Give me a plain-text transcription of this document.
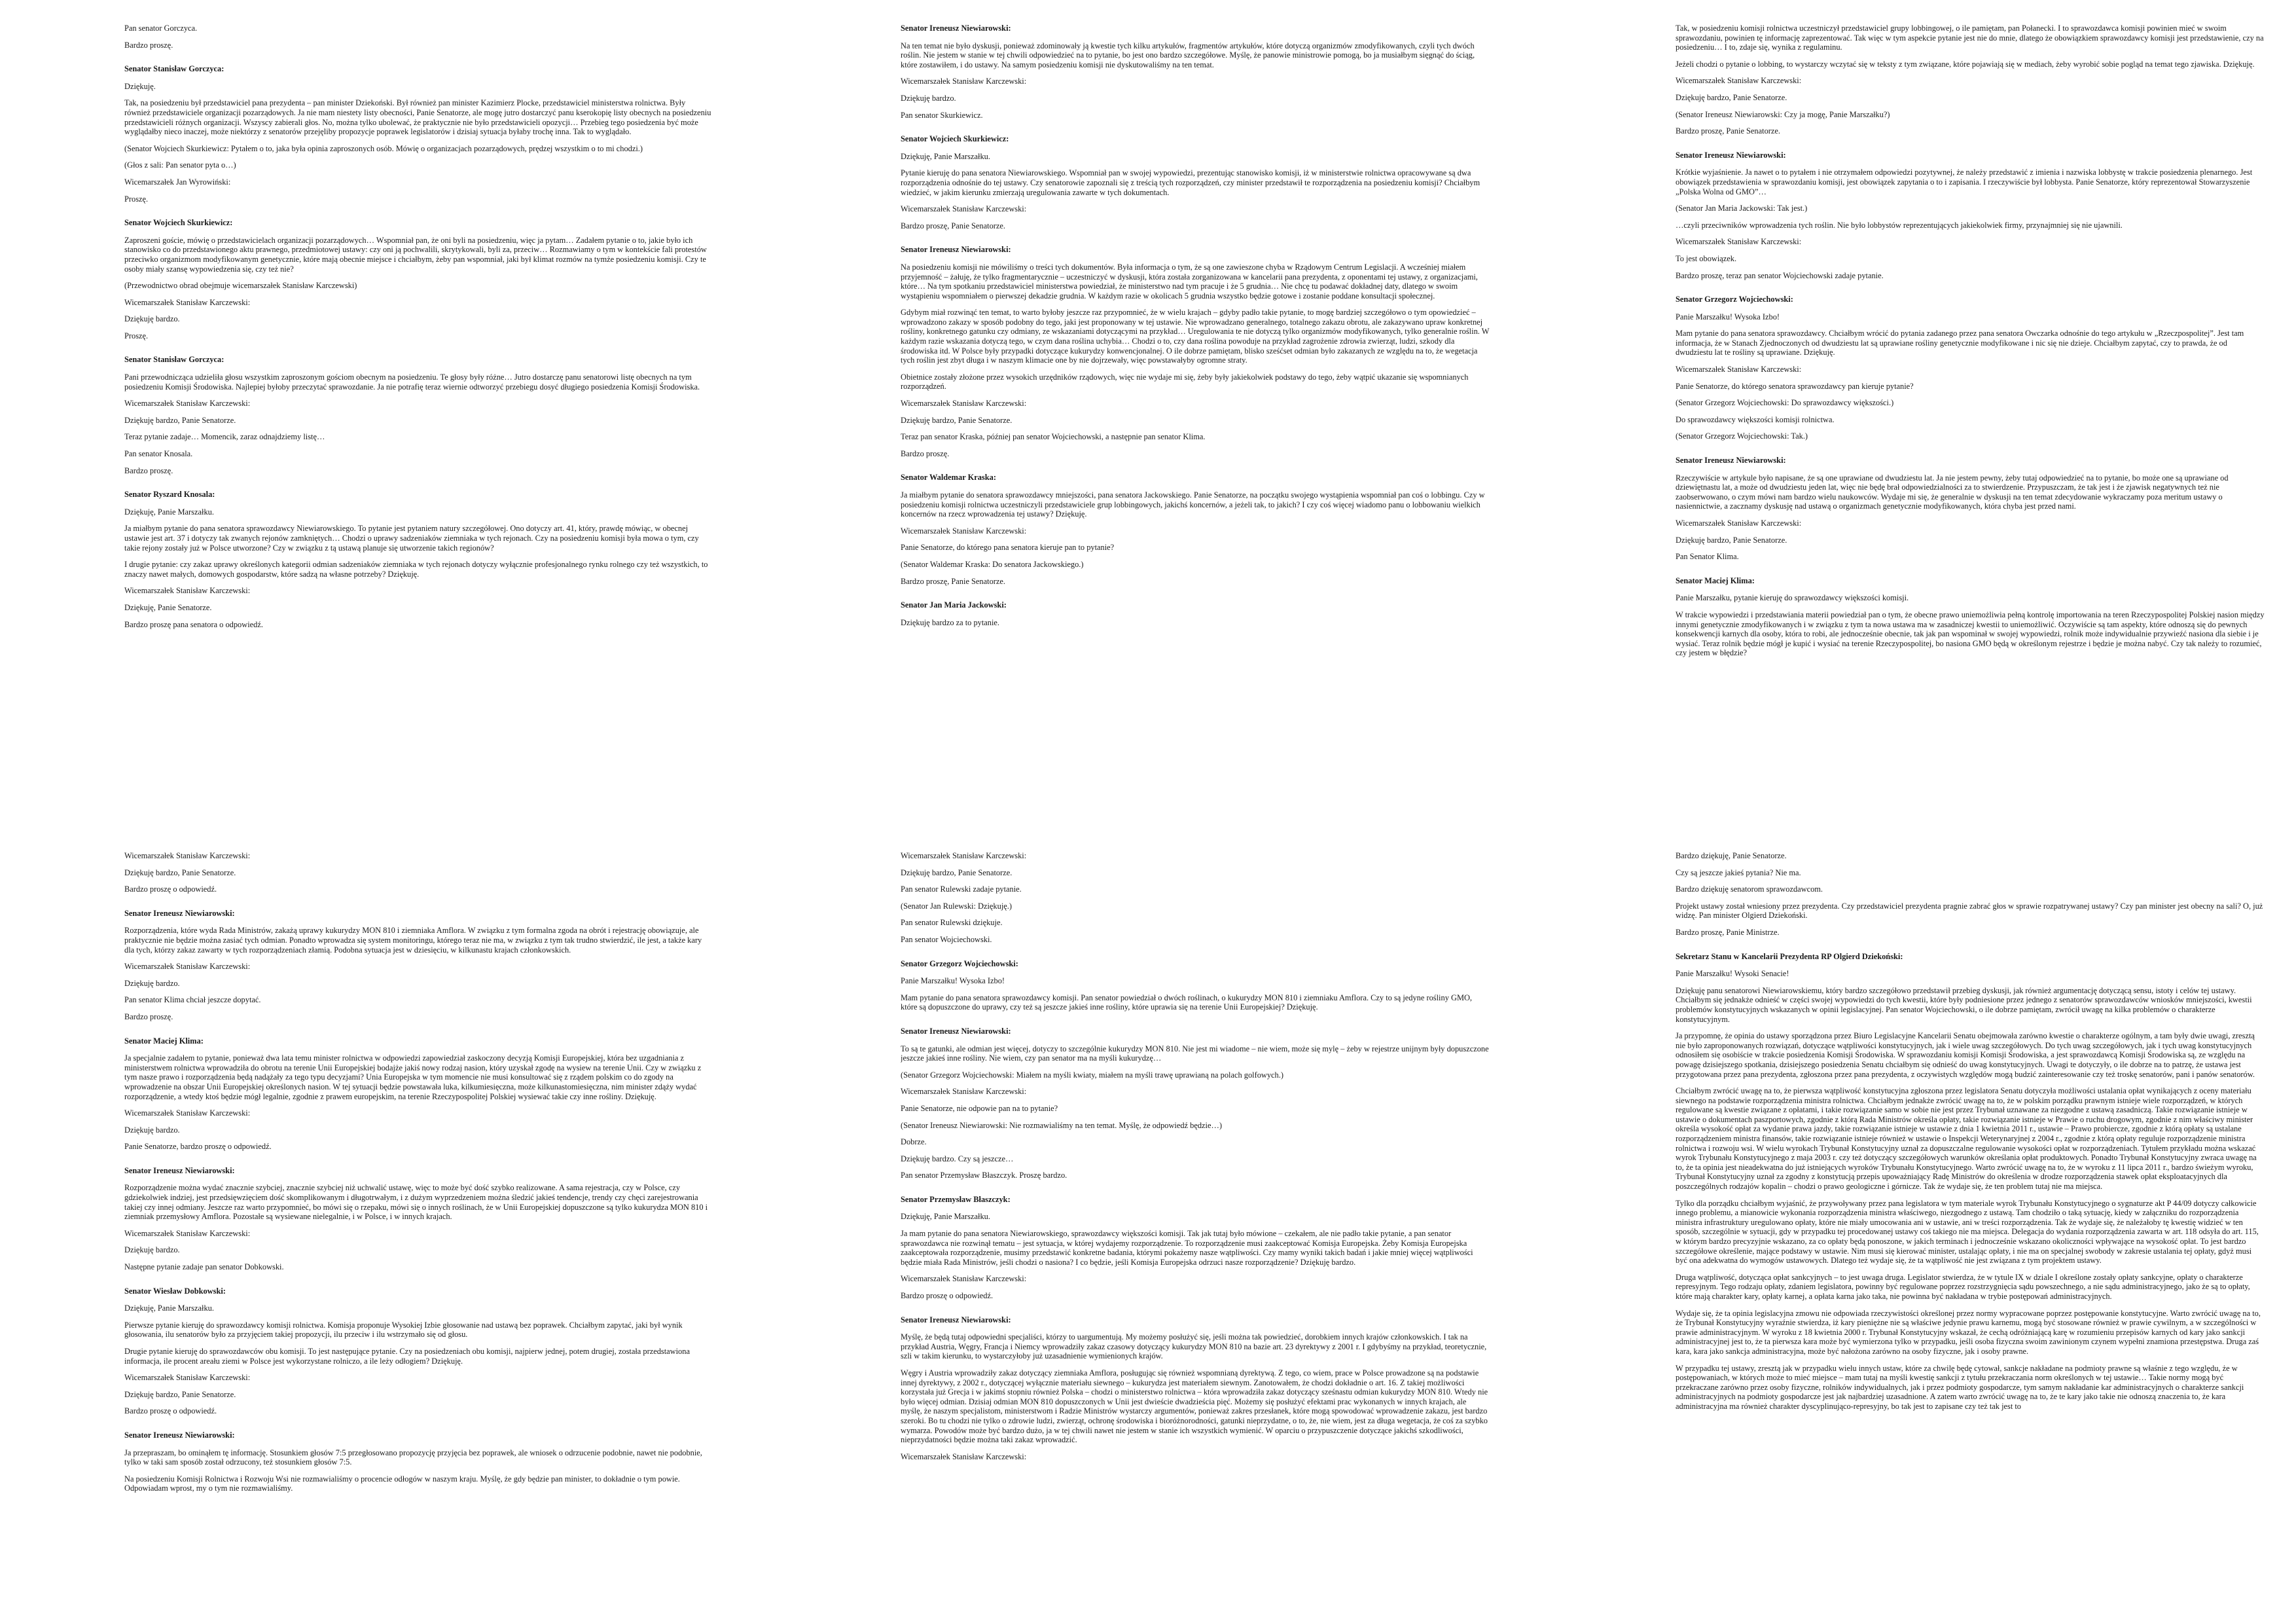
Pan senator Gorczyca.

Bardzo proszę.

Senator Stanisław Gorczyca:

Dziękuję.

Tak, na posiedzeniu był przedstawiciel pana prezydenta – pan minister Dziekoński. Był również pan minister Kazimierz Plocke, przedstawiciel ministerstwa rolnictwa. Były również przedstawiciele organizacji pozarządowych. Ja nie mam niestety listy obecności, Panie Senatorze, ale mogę jutro dostarczyć panu kserokopię listy obecnych na posiedzeniu przedstawicieli różnych organizacji. Wszyscy zabierali głos. No, można tylko ubolewać, że praktycznie nie było przedstawicieli opozycji… Przebieg tego posiedzenia być może wyglądałby nieco inaczej, może niektórzy z senatorów przejęliby propozycje poprawek legislatorów i dzisiaj sytuacja byłaby trochę inna. Tak to wyglądało.

(Senator Wojciech Skurkiewicz: Pytałem o to, jaka była opinia zaproszonych osób. Mówię o organizacjach pozarządowych, prędzej wszystkim o to mi chodzi.)

(Głos z sali: Pan senator pyta o…)

Wicemarszałek Jan Wyrowiński:

Proszę.

Senator Wojciech Skurkiewicz:

Zaproszeni goście, mówię o przedstawicielach organizacji pozarządowych… Wspomniał pan, że oni byli na posiedzeniu, więc ja pytam… Zadałem pytanie o to, jakie było ich stanowisko co do przedstawionego aktu prawnego, przedmiotowej ustawy: czy oni ją pochwalili, skrytykowali, byli za, przeciw… Rozmawiamy o tym w kontekście fali protestów przeciwko organizmom modyfikowanym genetycznie, które mają obecnie miejsce i chciałbym, żeby pan wspomniał, jaki był klimat rozmów na tymże posiedzeniu komisji. Czy te osoby miały szansę wypowiedzenia się, czy też nie?

(Przewodnictwo obrad obejmuje wicemarszałek Stanisław Karczewski)

Wicemarszałek Stanisław Karczewski:

Dziękuję bardzo.

Proszę.

Senator Stanisław Gorczyca:

Pani przewodnicząca udzieliła głosu wszystkim zaproszonym gościom obecnym na posiedzeniu. Te głosy były różne… Jutro dostarczę panu senatorowi listę obecnych na tym posiedzeniu Komisji Środowiska. Najlepiej byłoby przeczytać sprawozdanie. Ja nie potrafię teraz wiernie odtworzyć przebiegu dosyć długiego posiedzenia Komisji Środowiska.

Wicemarszałek Stanisław Karczewski:

Dziękuję bardzo, Panie Senatorze.

Teraz pytanie zadaje… Momencik, zaraz odnajdziemy listę…

Pan senator Knosala.

Bardzo proszę.

Senator Ryszard Knosala:

Dziękuję, Panie Marszałku.

Ja miałbym pytanie do pana senatora sprawozdawcy Niewiarowskiego. To pytanie jest pytaniem natury szczegółowej. Ono dotyczy art. 41, który, prawdę mówiąc, w obecnej ustawie jest art. 37 i dotyczy tak zwanych rejonów zamkniętych… Chodzi o uprawy sadzeniaków ziemniaka w tych rejonach. Czy na posiedzeniu komisji była mowa o tym, czy takie rejony zostały już w Polsce utworzone? Czy w związku z tą ustawą planuje się utworzenie takich regionów?

I drugie pytanie: czy zakaz uprawy określonych kategorii odmian sadzeniaków ziemniaka w tych rejonach dotyczy wyłącznie profesjonalnego rynku rolnego czy też wszystkich, to znaczy nawet małych, domowych gospodarstw, które sadzą na własne potrzeby? Dziękuję.

Wicemarszałek Stanisław Karczewski:

Dziękuję, Panie Senatorze.

Bardzo proszę pana senatora o odpowiedź.

Senator Ireneusz Niewiarowski:

Na ten temat nie było dyskusji, ponieważ zdominowały ją kwestie tych kilku artykułów, fragmentów artykułów, które dotyczą organizmów zmodyfikowanych, czyli tych dwóch roślin. Nie jestem w stanie w tej chwili odpowiedzieć na to pytanie, bo jest ono bardzo szczegółowe. Myślę, że panowie ministrowie pomogą, bo ja musiałbym sięgnąć do ściąg, które zostawiłem, i do ustawy. Na samym posiedzeniu komisji nie dyskutowaliśmy na ten temat.

Wicemarszałek Stanisław Karczewski:

Dziękuję bardzo.

Pan senator Skurkiewicz.

Senator Wojciech Skurkiewicz:

Dziękuję, Panie Marszałku.

Pytanie kieruję do pana senatora Niewiarowskiego. Wspomniał pan w swojej wypowiedzi, prezentując stanowisko komisji, iż w ministerstwie rolnictwa opracowywane są dwa rozporządzenia odnośnie do tej ustawy. Czy senatorowie zapoznali się z treścią tych rozporządzeń, czy minister przedstawił te rozporządzenia na posiedzeniu komisji? Chciałbym wiedzieć, w jakim kierunku zmierzają uregulowania zawarte w tych dokumentach.

Wicemarszałek Stanisław Karczewski:

Bardzo proszę, Panie Senatorze.

Senator Ireneusz Niewiarowski:

Na posiedzeniu komisji nie mówiliśmy o treści tych dokumentów. Była informacja o tym, że są one zawieszone chyba w Rządowym Centrum Legislacji. A wcześniej miałem przyjemność – żałuję, że tylko fragmentarycznie – uczestniczyć w dyskusji, która została zorganizowana w kancelarii pana prezydenta, z oponentami tej ustawy, z organizacjami, które… Na tym spotkaniu przedstawiciel ministerstwa powiedział, że ministerstwo nad tym pracuje i że 5 grudnia… Nie chcę tu podawać dokładnej daty, dlatego w swoim wystąpieniu wspomniałem o pierwszej dekadzie grudnia. W każdym razie w okolicach 5 grudnia wszystko będzie gotowe i zostanie poddane konsultacji społecznej.

Gdybym miał rozwinąć ten temat, to warto byłoby jeszcze raz przypomnieć, że w wielu krajach – gdyby padło takie pytanie, to mogę bardziej szczegółowo o tym opowiedzieć – wprowadzono zakazy w sposób podobny do tego, jaki jest proponowany w tej ustawie. Nie wprowadzano generalnego, totalnego zakazu obrotu, ale zakazywano upraw konkretnej rośliny, konkretnego gatunku czy odmiany, ze wskazaniami dotyczącymi na przykład… Uregulowania te nie dotyczą tylko organizmów modyfikowanych, tylko generalnie roślin. W każdym razie wskazania dotyczą tego, w czym dana roślina uchybia… Chodzi o to, czy dana roślina powoduje na przykład zagrożenie zdrowia zwierząt, ludzi, szkody dla środowiska itd. W Polsce były przypadki dotyczące kukurydzy konwencjonalnej. O ile dobrze pamiętam, blisko sześćset odmian było zakazanych ze względu na to, że wegetacja tych roślin jest zbyt długa i w naszym klimacie one by nie dojrzewały, więc powstawałyby ogromne straty.

Obietnice zostały złożone przez wysokich urzędników rządowych, więc nie wydaje mi się, żeby były jakiekolwiek podstawy do tego, żeby wątpić ukazanie się wspomnianych rozporządzeń.

Wicemarszałek Stanisław Karczewski:

Dziękuję bardzo, Panie Senatorze.

Teraz pan senator Kraska, później pan senator Wojciechowski, a następnie pan senator Klima.

Bardzo proszę.

Senator Waldemar Kraska:

Ja miałbym pytanie do senatora sprawozdawcy mniejszości, pana senatora Jackowskiego. Panie Senatorze, na początku swojego wystąpienia wspomniał pan coś o lobbingu. Czy w posiedzeniu komisji rolnictwa uczestniczyli przedstawiciele grup lobbingowych, jakichś koncernów, a jeżeli tak, to jakich? I czy coś więcej wiadomo panu o lobbowaniu wielkich koncernów na rzecz wprowadzenia tej ustawy? Dziękuję.

Wicemarszałek Stanisław Karczewski:

Panie Senatorze, do którego pana senatora kieruje pan to pytanie?

(Senator Waldemar Kraska: Do senatora Jackowskiego.)

Bardzo proszę, Panie Senatorze.

Senator Jan Maria Jackowski:

Dziękuję bardzo za to pytanie.

Tak, w posiedzeniu komisji rolnictwa uczestniczył przedstawiciel grupy lobbingowej, o ile pamiętam, pan Połanecki. I to sprawozdawca komisji powinien mieć w swoim sprawozdaniu, powinien tę informację zaprezentować. Tak więc w tym aspekcie pytanie jest nie do mnie, dlatego że obowiązkiem sprawozdawcy komisji jest przedstawienie, czy na posiedzeniu… I to, zdaje się, wynika z regulaminu.

Jeżeli chodzi o pytanie o lobbing, to wystarczy wczytać się w teksty z tym związane, które pojawiają się w mediach, żeby wyrobić sobie pogląd na temat tego zjawiska. Dziękuję.

Wicemarszałek Stanisław Karczewski:

Dziękuję bardzo, Panie Senatorze.

(Senator Ireneusz Niewiarowski: Czy ja mogę, Panie Marszałku?)

Bardzo proszę, Panie Senatorze.

Senator Ireneusz Niewiarowski:

Krótkie wyjaśnienie. Ja nawet o to pytałem i nie otrzymałem odpowiedzi pozytywnej, że należy przedstawić z imienia i nazwiska lobbystę w trakcie posiedzenia plenarnego. Jest obowiązek przedstawienia w sprawozdaniu komisji, jest obowiązek zapytania o to i zapisania. I rzeczywiście był lobbysta. Panie Senatorze, który reprezentował Stowarzyszenie „Polska Wolna od GMO”…

(Senator Jan Maria Jackowski: Tak jest.)

…czyli przeciwników wprowadzenia tych roślin. Nie było lobbystów reprezentujących jakiekolwiek firmy, przynajmniej się nie ujawnili.

Wicemarszałek Stanisław Karczewski:

To jest obowiązek.

Bardzo proszę, teraz pan senator Wojciechowski zadaje pytanie.

Senator Grzegorz Wojciechowski:

Panie Marszałku! Wysoka Izbo!

Mam pytanie do pana senatora sprawozdawcy. Chciałbym wrócić do pytania zadanego przez pana senatora Owczarka odnośnie do tego artykułu w „Rzeczpospolitej”. Jest tam informacja, że w Stanach Zjednoczonych od dwudziestu lat są uprawiane rośliny genetycznie modyfikowane i nic się nie dzieje. Chciałbym zapytać, czy to prawda, że od dwudziestu lat te rośliny są uprawiane. Dziękuję.

Wicemarszałek Stanisław Karczewski:

Panie Senatorze, do którego senatora sprawozdawcy pan kieruje pytanie?

(Senator Grzegorz Wojciechowski: Do sprawozdawcy większości.)

Do sprawozdawcy większości komisji rolnictwa.

(Senator Grzegorz Wojciechowski: Tak.)

Senator Ireneusz Niewiarowski:

Rzeczywiście w artykule było napisane, że są one uprawiane od dwudziestu lat. Ja nie jestem pewny, żeby tutaj odpowiedzieć na to pytanie, bo może one są uprawiane od dziewiętnastu lat, a może od dwudziestu jeden lat, więc nie będę brał odpowiedzialności za to stwierdzenie. Przypuszczam, że tak jest i że zjawisk negatywnych też nie zaobserwowano, o czym mówi nam bardzo wielu naukowców. Wydaje mi się, że generalnie w dyskusji na ten temat zdecydowanie wykraczamy poza meritum ustawy o nasiennictwie, a zacznamy dyskusję nad ustawą o organizmach genetycznie modyfikowanych, która chyba jest przed nami.

Wicemarszałek Stanisław Karczewski:

Dziękuję bardzo, Panie Senatorze.

Pan Senator Klima.

Senator Maciej Klima:

Panie Marszałku, pytanie kieruję do sprawozdawcy większości komisji.

W trakcie wypowiedzi i przedstawiania materii powiedział pan o tym, że obecne prawo uniemożliwia pełną kontrolę importowania na teren Rzeczypospolitej Polskiej nasion między innymi genetycznie zmodyfikowanych i w związku z tym ta nowa ustawa ma w zasadniczej kwestii to uniemożliwić. Oczywiście są tam aspekty, które odnoszą się do pewnych konsekwencji karnych dla osoby, która to robi, ale jednocześnie obecnie, tak jak pan wspominał w swojej wypowiedzi, rolnik może indywidualnie przywieźć nasiona dla siebie i je wysiać. Teraz rolnik będzie mógł je kupić i wysiać na terenie Rzeczypospolitej, bo nasiona GMO będą w określonym rejestrze i będzie je można nabyć. Czy tak należy to rozumieć, czy jestem w błędzie?

Wicemarszałek Stanisław Karczewski:

Dziękuję bardzo, Panie Senatorze.

Bardzo proszę o odpowiedź.

Senator Ireneusz Niewiarowski:

Rozporządzenia, które wyda Rada Ministrów, zakażą uprawy kukurydzy MON 810 i ziemniaka Amflora. W związku z tym formalna zgoda na obrót i rejestrację obowiązuje, ale praktycznie nie będzie można zasiać tych odmian. Ponadto wprowadza się system monitoringu, którego teraz nie ma, w związku z tym tak trudno stwierdzić, ile jest, a także kary dla tych, którzy zakaz zawarty w tych rozporządzeniach złamią. Podobna sytuacja jest w dziesięciu, w kilkunastu krajach członkowskich.

Wicemarszałek Stanisław Karczewski:

Dziękuję bardzo.

Pan senator Klima chciał jeszcze dopytać.

Bardzo proszę.

Senator Maciej Klima:

Ja specjalnie zadałem to pytanie, ponieważ dwa lata temu minister rolnictwa w odpowiedzi zapowiedział zaskoczony decyzją Komisji Europejskiej, która bez uzgadniania z ministerstwem rolnictwa wprowadziła do obrotu na terenie Unii Europejskiej bodajże jakiś nowy rodzaj nasion, który uzyskał zgodę na wysiew na terenie Unii. Czy w związku z tym nasze prawo i rozporządzenia będą nadążały za tego typu decyzjami? Unia Europejska w tym momencie nie musi konsultować się z rządem polskim co do zgody na wprowadzenie na obszar Unii Europejskiej określonych nasion. W tej sytuacji będzie powstawała luka, kilkumiesięczna, może kilkunastomiesięczna, nim minister zdąży wydać rozporządzenie, a wtedy ktoś będzie mógł legalnie, zgodnie z prawem europejskim, na terenie Rzeczypospolitej Polskiej wysiewać takie czy inne rośliny. Dziękuję.

Wicemarszałek Stanisław Karczewski:

Dziękuję bardzo.

Panie Senatorze, bardzo proszę o odpowiedź.

Senator Ireneusz Niewiarowski:

Rozporządzenie można wydać znacznie szybciej, znacznie szybciej niż uchwalić ustawę, więc to może być dość szybko realizowane. A sama rejestracja, czy w Polsce, czy gdziekolwiek indziej, jest przedsięwzięciem dość skomplikowanym i długotrwałym, i z dużym wyprzedzeniem można śledzić jakieś tendencje, trendy czy chęci zarejestrowania takiej czy innej odmiany. Jeszcze raz warto przypomnieć, bo mówi się o rzepaku, mówi się o innych roślinach, że w Unii Europejskiej dopuszczone są tylko kukurydza MON 810 i ziemniak przemysłowy Amflora. Pozostałe są wysiewane nielegalnie, i w Polsce, i w innych krajach.

Wicemarszałek Stanisław Karczewski:

Dziękuję bardzo.

Następne pytanie zadaje pan senator Dobkowski.

Senator Wiesław Dobkowski:

Dziękuję, Panie Marszałku.

Pierwsze pytanie kieruję do sprawozdawcy komisji rolnictwa. Komisja proponuje Wysokiej Izbie głosowanie nad ustawą bez poprawek. Chciałbym zapytać, jaki był wynik głosowania, ilu senatorów było za przyjęciem takiej propozycji, ilu przeciw i ilu wstrzymało się od głosu.

Drugie pytanie kieruję do sprawozdawców obu komisji. To jest następujące pytanie. Czy na posiedzeniach obu komisji, najpierw jednej, potem drugiej, została przedstawiona informacja, ile procent areału ziemi w Polsce jest wykorzystane rolniczo, a ile leży odłogiem? Dziękuję.

Wicemarszałek Stanisław Karczewski:

Dziękuję bardzo, Panie Senatorze.

Bardzo proszę o odpowiedź.

Senator Ireneusz Niewiarowski:

Ja przepraszam, bo ominąłem tę informację. Stosunkiem głosów 7:5 przegłosowano propozycję przyjęcia bez poprawek, ale wniosek o odrzucenie podobnie, nawet nie podobnie, tylko w taki sam sposób został odrzucony, też stosunkiem głosów 7:5.

Na posiedzeniu Komisji Rolnictwa i Rozwoju Wsi nie rozmawialiśmy o procencie odłogów w naszym kraju. Myślę, że gdy będzie pan minister, to dokładnie o tym powie. Odpowiadam wprost, my o tym nie rozmawialiśmy.

Wicemarszałek Stanisław Karczewski:

Dziękuję bardzo, Panie Senatorze.

Pan senator Rulewski zadaje pytanie.

(Senator Jan Rulewski: Dziękuję.)

Pan senator Rulewski dziękuje.

Pan senator Wojciechowski.

Senator Grzegorz Wojciechowski:

Panie Marszałku! Wysoka Izbo!

Mam pytanie do pana senatora sprawozdawcy komisji. Pan senator powiedział o dwóch roślinach, o kukurydzy MON 810 i ziemniaku Amflora. Czy to są jedyne rośliny GMO, które są dopuszczone do uprawy, czy też są jeszcze jakieś inne rośliny, które uprawia się na terenie Unii Europejskiej? Dziękuję.

Senator Ireneusz Niewiarowski:

To są te gatunki, ale odmian jest więcej, dotyczy to szczególnie kukurydzy MON 810. Nie jest mi wiadome – nie wiem, może się mylę – żeby w rejestrze unijnym były dopuszczone jeszcze jakieś inne rośliny. Nie wiem, czy pan senator ma na myśli kukurydzę…

(Senator Grzegorz Wojciechowski: Miałem na myśli kwiaty, miałem na myśli trawę uprawianą na polach golfowych.)

Wicemarszałek Stanisław Karczewski:

Panie Senatorze, nie odpowie pan na to pytanie?

(Senator Ireneusz Niewiarowski: Nie rozmawialiśmy na ten temat. Myślę, że odpowiedź będzie…)

Dobrze.

Dziękuję bardzo. Czy są jeszcze…

Pan senator Przemysław Błaszczyk. Proszę bardzo.

Senator Przemysław Błaszczyk:

Dziękuję, Panie Marszałku.

Ja mam pytanie do pana senatora Niewiarowskiego, sprawozdawcy większości komisji. Tak jak tutaj było mówione – czekałem, ale nie padło takie pytanie, a pan senator sprawozdawca nie rozwinął tematu – jest sytuacja, w której wydajemy rozporządzenie. To rozporządzenie musi zaakceptować Komisja Europejska. Żeby Komisja Europejska zaakceptowała rozporządzenie, musimy przedstawić konkretne badania, którymi pokażemy nasze wątpliwości. Czy mamy wyniki takich badań i jakie mniej więcej wątpliwości będzie miała Rada Ministrów, jeśli chodzi o nasiona? I co będzie, jeśli Komisja Europejska odrzuci nasze rozporządzenie? Dziękuję bardzo.

Wicemarszałek Stanisław Karczewski:

Bardzo proszę o odpowiedź.

Senator Ireneusz Niewiarowski:

Myślę, że będą tutaj odpowiedni specjaliści, którzy to uargumentują. My możemy posłużyć się, jeśli można tak powiedzieć, dorobkiem innych krajów członkowskich. I tak na przykład Austria, Węgry, Francja i Niemcy wprowadziły zakaz czasowy dotyczący kukurydzy MON 810 na bazie art. 23 dyrektywy z 2001 r. I gdybyśmy na przykład, teoretycznie, szli w takim kierunku, to wystarczyłoby już uzasadnienie wymienionych krajów.

Węgry i Austria wprowadziły zakaz dotyczący ziemniaka Amflora, posługując się również wspomnianą dyrektywą. Z tego, co wiem, prace w Polsce prowadzone są na podstawie innej dyrektywy, z 2002 r., dotyczącej wyłącznie materiału siewnego – kukurydza jest materiałem siewnym. Zanotowałem, że chodzi dokładnie o art. 16. Z takiej możliwości korzystała już Grecja i w jakimś stopniu również Polska – chodzi o ministerstwo rolnictwa – która wprowadziła zakaz dotyczący sześnastu odmian kukurydzy MON 810. Wtedy nie było więcej odmian. Dzisiaj odmian MON 810 dopuszczonych w Unii jest dwieście dwadzieścia pięć. Możemy się posłużyć efektami prac wykonanych w innych krajach, ale myślę, że naszym specjalistom, ministerstwom i Radzie Ministrów wystarczy argumentów, ponieważ zakres przesłanek, które mogą spowodować wprowadzenie zakazu, jest bardzo szeroki. Bo tu chodzi nie tylko o zdrowie ludzi, zwierząt, ochronę środowiska i bioróżnorodności, gatunki nieprzydatne, o to, że, nie wiem, jest za długa wegetacja, że coś za szybko wymarza. Powodów może być bardzo dużo, ja w tej chwili nawet nie jestem w stanie ich wszystkich wymienić. W oparciu o przypuszczenie dotyczące jakichś szkodliwości, nieprzydatności będzie można taki zakaz wprowadzić.

Wicemarszałek Stanisław Karczewski:

Bardzo dziękuję, Panie Senatorze.

Czy są jeszcze jakieś pytania? Nie ma.

Bardzo dziękuję senatorom sprawozdawcom.

Projekt ustawy został wniesiony przez prezydenta. Czy przedstawiciel prezydenta pragnie zabrać głos w sprawie rozpatrywanej ustawy? Czy pan minister jest obecny na sali? O, już widzę. Pan minister Olgierd Dziekoński.

Bardzo proszę, Panie Ministrze.

Sekretarz Stanu w Kancelarii Prezydenta RP Olgierd Dziekoński:

Panie Marszałku! Wysoki Senacie!

Dziękuję panu senatorowi Niewiarowskiemu, który bardzo szczegółowo przedstawił przebieg dyskusji, jak również argumentację dotyczącą sensu, istoty i celów tej ustawy. Chciałbym się jednakże odnieść w części swojej wypowiedzi do tych kwestii, które były podniesione przez jednego z senatorów sprawozdawców wniosków mniejszości, kwestii problemów konstytucyjnych wskazanych w opinii legislacyjnej. Pan senator Wojciechowski, o ile dobrze pamiętam, zwrócił uwagę na kilka problemów o charakterze konstytucyjnym.

Ja przypomnę, że opinia do ustawy sporządzona przez Biuro Legislacyjne Kancelarii Senatu obejmowała zarówno kwestie o charakterze ogólnym, a tam były dwie uwagi, zresztą nie było zaproponowanych rozwiązań, dotyczące wątpliwości konstytucyjnych, jak i wiele uwag szczegółowych. Do tych uwag szczegółowych, jak i tych uwag konstytucyjnych odnosiłem się osobiście w trakcie posiedzenia Komisji Środowiska. W sprawozdaniu komisji Komisji Środowiska, a jest sprawozdawcą Komisji Środowiska są, ze względu na powagę dzisiejszego spotkania, dzisiejszego posiedzenia Senatu chciałbym się odnieść do uwag konstytucyjnych. Uwagi te dotyczyły, o ile dobrze na to patrzę, że ustawa jest przygotowana przez pana prezydenta, zgłoszona przez pana prezydenta, z oczywistych względów mogą budzić zainteresowanie czy też troskę senatorów, pani i panów senatorów.

Chciałbym zwrócić uwagę na to, że pierwsza wątpliwość konstytucyjna zgłoszona przez legislatora Senatu dotyczyła możliwości ustalania opłat wynikających z oceny materiału siewnego na podstawie rozporządzenia ministra rolnictwa. Chciałbym jednakże zwrócić uwagę na to, że w polskim porządku prawnym istnieje wiele rozporządzeń, w których regulowane są kwestie związane z opłatami, i takie rozwiązanie samo w sobie nie jest przez Trybunał uznawane za niezgodne z ustawą zasadniczą. Takie rozwiązanie istnieje w ustawie o dokumentach paszportowych, zgodnie z którą Rada Ministrów określa opłaty, takie rozwiązanie istnieje w Prawie o ruchu drogowym, zgodnie z nim właściwy minister określa wysokość opłat za wydanie prawa jazdy, takie rozwiązanie istnieje w ustawie z dnia 1 kwietnia 2011 r., ustawie – Prawo probiercze, zgodnie z którą opłaty są ustalane rozporządzeniem ministra finansów, takie rozwiązanie istnieje również w ustawie o Inspekcji Weterynaryjnej z 2004 r., zgodnie z którą opłaty reguluje rozporządzenie ministra rolnictwa i rozwoju wsi. W wielu wyrokach Trybunał Konstytucyjny uznał za dopuszczalne regulowanie wysokości opłat w rozporządzeniach. Tytułem przykładu można wskazać wyrok Trybunału Konstytucyjnego z maja 2003 r. czy też dotyczący szczegółowych warunków określania opłat produktowych. Ponadto Trybunał Konstytucyjny zwraca uwagę na to, że ta opinia jest nieadekwatna do już istniejących wyroków Trybunału Konstytucyjnego. Warto zwrócić uwagę na to, że w wyroku z 11 lipca 2011 r., bardzo świeżym wyroku, Trybunał Konstytucyjny uznał za zgodny z konstytucją przepis upoważniający Radę Ministrów do określenia w drodze rozporządzenia stawek opłat eksploatacyjnych dla poszczególnych rodzajów kopalin – chodzi o prawo geologiczne i górnicze. Tak że wydaje się, że ten problem tutaj nie ma miejsca.

Tylko dla porządku chciałbym wyjaśnić, że przywoływany przez pana legislatora w tym materiale wyrok Trybunału Konstytucyjnego o sygnaturze akt P 44/09 dotyczy całkowicie innego problemu, a mianowicie wykonania rozporządzenia ministra właściwego, niezgodnego z ustawą. Tam chodziło o taką sytuację, kiedy w załączniku do rozporządzenia ministra infrastruktury uregulowano opłaty, które nie miały umocowania ani w ustawie, ani w treści rozporządzenia. Tak że wydaje się, że należałoby tę kwestię widzieć w ten sposób, szczególnie w sytuacji, gdy w przypadku tej procedowanej ustawy coś takiego nie ma miejsca. Delegacja do wydania rozporządzenia zawarta w art. 118 odsyła do art. 115, w którym bardzo precyzyjnie wskazano, za co opłaty będą ponoszone, w jakich terminach i jednocześnie wskazano okoliczności wpływające na wysokość opłat. To jest bardzo szczegółowe określenie, mające podstawy w ustawie. Nim musi się kierować minister, ustalając opłaty, i nie ma on specjalnej swobody w zakresie ustalania tej opłaty, gdyż musi być ona adekwatna do wymogów ustawowych. Dlatego też wydaje się, że ta wątpliwość nie jest związana z tym projektem ustawy.

Druga wątpliwość, dotycząca opłat sankcyjnych – to jest uwaga druga. Legislator stwierdza, że w tytule IX w dziale I określone zostały opłaty sankcyjne, opłaty o charakterze represyjnym. Tego rodzaju opłaty, zdaniem legislatora, powinny być regulowane poprzez rozstrzygnięcia sądu powszechnego, a nie sądu administracyjnego, jako że są to opłaty, które mają charakter kary, opłaty karnej, a opłata karna jako taka, nie powinna być nakładana w trybie postępowań administracyjnych.

Wydaje się, że ta opinia legislacyjna zmowu nie odpowiada rzeczywistości określonej przez normy wypracowane poprzez postępowanie konstytucyjne. Warto zwrócić uwagę na to, że Trybunał Konstytucyjny wyraźnie stwierdza, iż kary pieniężne nie są właściwe jedynie prawu karnemu, mogą być stosowane również w prawie cywilnym, a w szczególności w prawie administracyjnym. W wyroku z 18 kwietnia 2000 r. Trybunał Konstytucyjny wskazał, że cechą odróżniającą karę w rozumieniu przepisów karnych od kary jako sankcji administracyjnej jest to, że ta pierwsza kara może być wymierzona tylko w przypadku, jeśli osoba fizyczna swoim zawinionym czynem wypełni znamiona przestępstwa. Druga zaś kara, kara jako sankcja administracyjna, może być nałożona zarówno na osoby fizyczne, jak i osoby prawne.

W przypadku tej ustawy, zresztą jak w przypadku wielu innych ustaw, które za chwilę będę cytował, sankcje nakładane na podmioty prawne są właśnie z tego względu, że w postępowaniach, w których może to mieć miejsce – mam tutaj na myśli kwestię sankcji z tytułu przekraczania norm określonych w tej ustawie… Takie normy mogą być przekraczane zarówno przez osoby fizyczne, rolników indywidualnych, jak i przez podmioty gospodarcze, tym samym nakładanie kar administracyjnych o charakterze sankcji administracyjnych na podmioty gospodarcze jest jak najbardziej uzasadnione. A zatem warto zwrócić uwagę na to, że te kary jako takie nie odnoszą znaczenia to, że kara administracyjna ma również charakter dyscyplinująco-represyjny, bo tak jest to zapisane czy też tak jest to
